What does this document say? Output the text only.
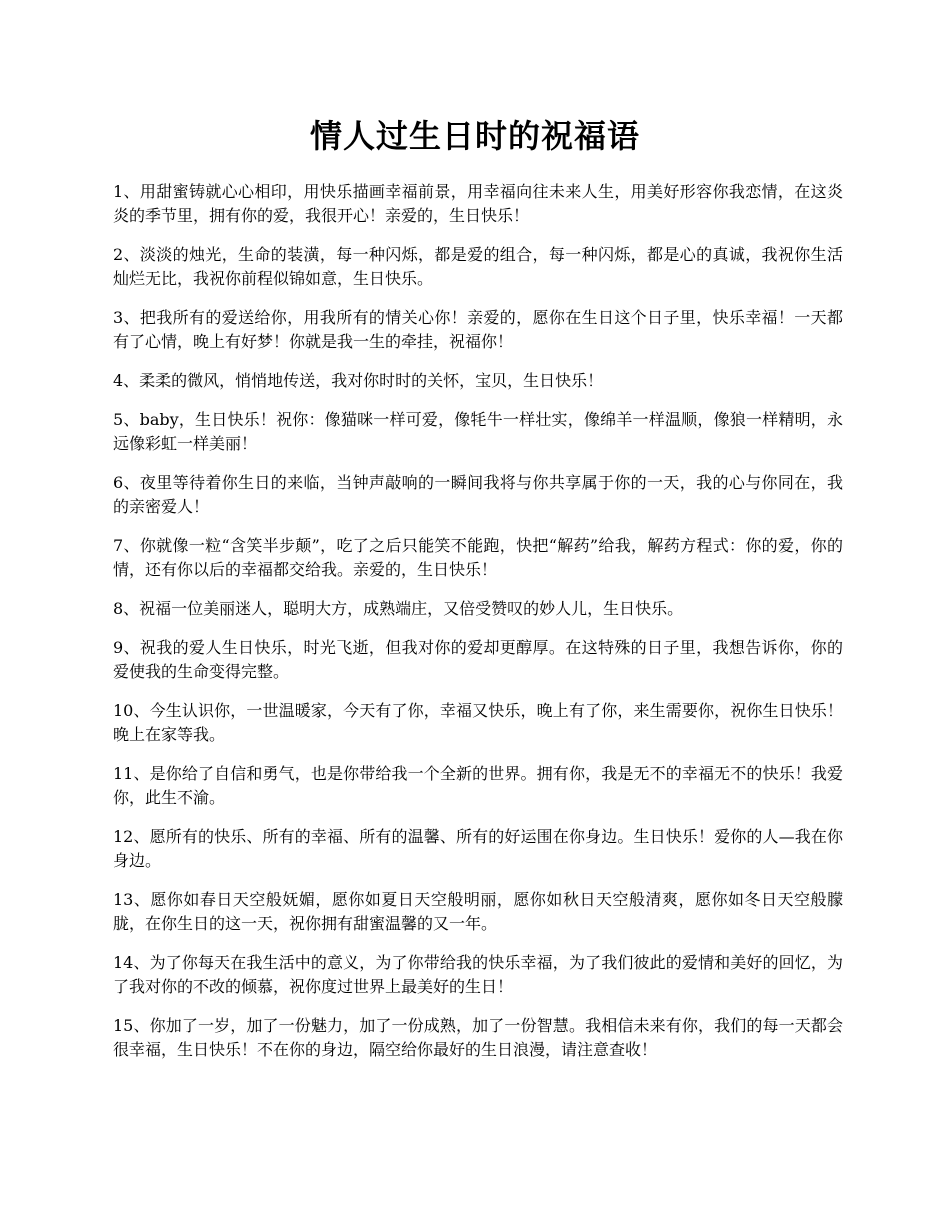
情人过生日时的祝福语

1、用甜蜜铸就心心相印，用快乐描画幸福前景，用幸福向往未来人生，用美好形容你我恋情，在这炎炎的季节里，拥有你的爱，我很开心！亲爱的，生日快乐！

2、淡淡的烛光，生命的装潢，每一种闪烁，都是爱的组合，每一种闪烁，都是心的真诚，我祝你生活灿烂无比，我祝你前程似锦如意，生日快乐。

3、把我所有的爱送给你，用我所有的情关心你！亲爱的，愿你在生日这个日子里，快乐幸福！一天都有了心情，晚上有好梦！你就是我一生的牵挂，祝福你！

4、柔柔的微风，悄悄地传送，我对你时时的关怀，宝贝，生日快乐！

5、baby，生日快乐！祝你：像猫咪一样可爱，像牦牛一样壮实，像绵羊一样温顺，像狼一样精明，永远像彩虹一样美丽！

6、夜里等待着你生日的来临，当钟声敲响的一瞬间我将与你共享属于你的一天，我的心与你同在，我的亲密爱人！

7、你就像一粒“含笑半步颠”，吃了之后只能笑不能跑，快把“解药”给我，解药方程式：你的爱，你的情，还有你以后的幸福都交给我。亲爱的，生日快乐！

8、祝福一位美丽迷人，聪明大方，成熟端庄，又倍受赞叹的妙人儿，生日快乐。

9、祝我的爱人生日快乐，时光飞逝，但我对你的爱却更醇厚。在这特殊的日子里，我想告诉你，你的爱使我的生命变得完整。

10、今生认识你，一世温暖家，今天有了你，幸福又快乐，晚上有了你，来生需要你，祝你生日快乐！晚上在家等我。

11、是你给了自信和勇气，也是你带给我一个全新的世界。拥有你，我是无不的幸福无不的快乐！我爱你，此生不渝。

12、愿所有的快乐、所有的幸福、所有的温馨、所有的好运围在你身边。生日快乐！爱你的人—我在你身边。

13、愿你如春日天空般妩媚，愿你如夏日天空般明丽，愿你如秋日天空般清爽，愿你如冬日天空般朦胧，在你生日的这一天，祝你拥有甜蜜温馨的又一年。

14、为了你每天在我生活中的意义，为了你带给我的快乐幸福，为了我们彼此的爱情和美好的回忆，为了我对你的不改的倾慕，祝你度过世界上最美好的生日！

15、你加了一岁，加了一份魅力，加了一份成熟，加了一份智慧。我相信未来有你，我们的每一天都会很幸福，生日快乐！不在你的身边，隔空给你最好的生日浪漫，请注意查收！
